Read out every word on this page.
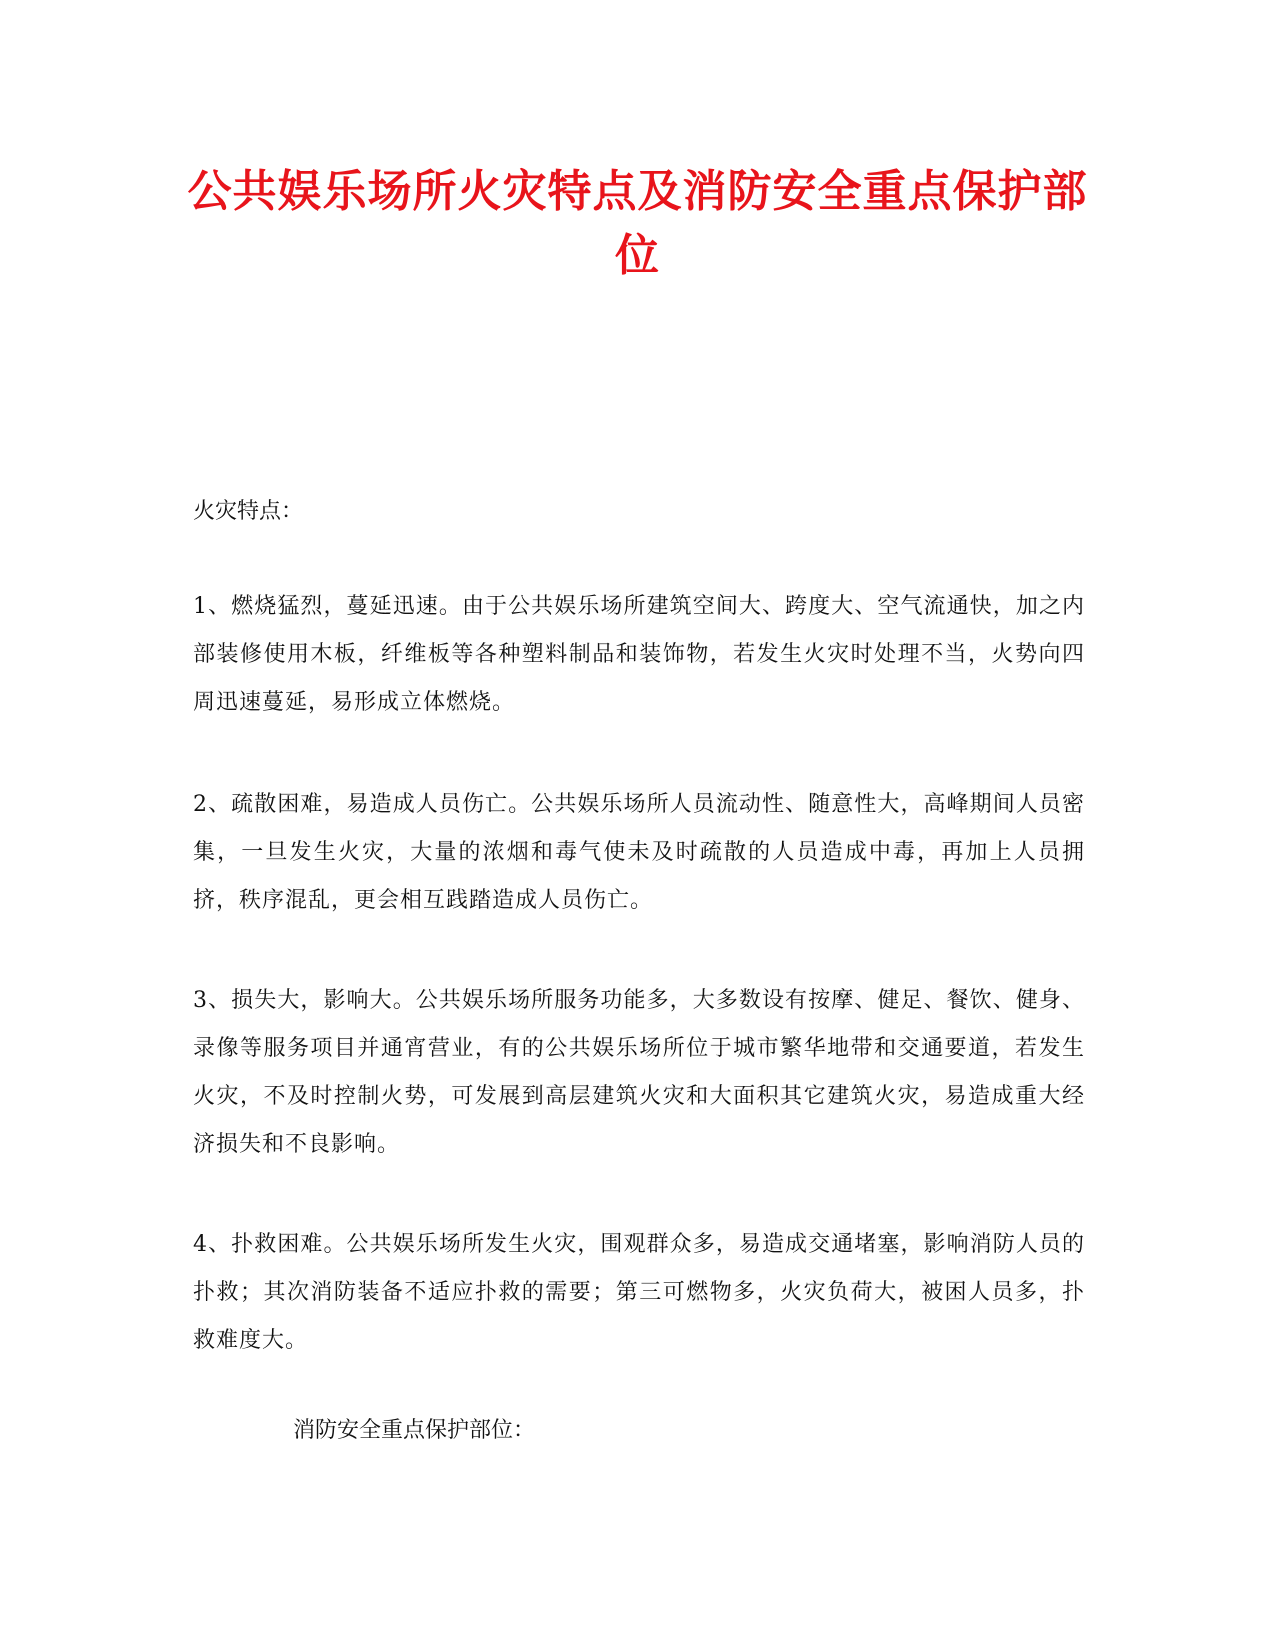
公共娱乐场所火灾特点及消防安全重点保护部位

火灾特点：

1、燃烧猛烈，蔓延迅速。由于公共娱乐场所建筑空间大、跨度大、空气流通快，加之内部装修使用木板，纤维板等各种塑料制品和装饰物，若发生火灾时处理不当，火势向四周迅速蔓延，易形成立体燃烧。

2、疏散困难，易造成人员伤亡。公共娱乐场所人员流动性、随意性大，高峰期间人员密集，一旦发生火灾，大量的浓烟和毒气使未及时疏散的人员造成中毒，再加上人员拥挤，秩序混乱，更会相互践踏造成人员伤亡。

3、损失大，影响大。公共娱乐场所服务功能多，大多数设有按摩、健足、餐饮、健身、录像等服务项目并通宵营业，有的公共娱乐场所位于城市繁华地带和交通要道，若发生火灾，不及时控制火势，可发展到高层建筑火灾和大面积其它建筑火灾，易造成重大经济损失和不良影响。

4、扑救困难。公共娱乐场所发生火灾，围观群众多，易造成交通堵塞，影响消防人员的扑救；其次消防装备不适应扑救的需要；第三可燃物多，火灾负荷大，被困人员多，扑救难度大。

消防安全重点保护部位：
